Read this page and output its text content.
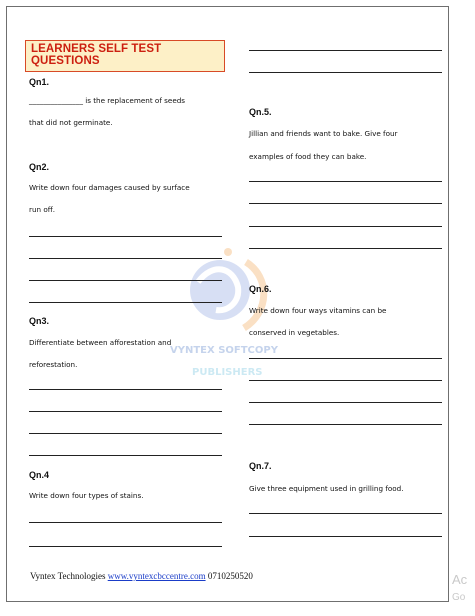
LEARNERS SELF TEST QUESTIONS
VYNTEX SOFTCOPY
PUBLISHERS
Qn1.
_______________ is the replacement of seeds
that did not germinate.
Qn2.
Write down four damages caused by surface
run off.
Qn3.
Differentiate between afforestation and
reforestation.
Qn.4
Write down four types of stains.
Qn.5.
Jillian and friends want to bake. Give four
examples of food they can bake.
Qn.6.
Write down four ways vitamins can be
conserved in vegetables.
Qn.7.
Give three equipment used in grilling food.
Vyntex Technologies www.vyntexcbccentre.com 0710250520	Ac
Go
